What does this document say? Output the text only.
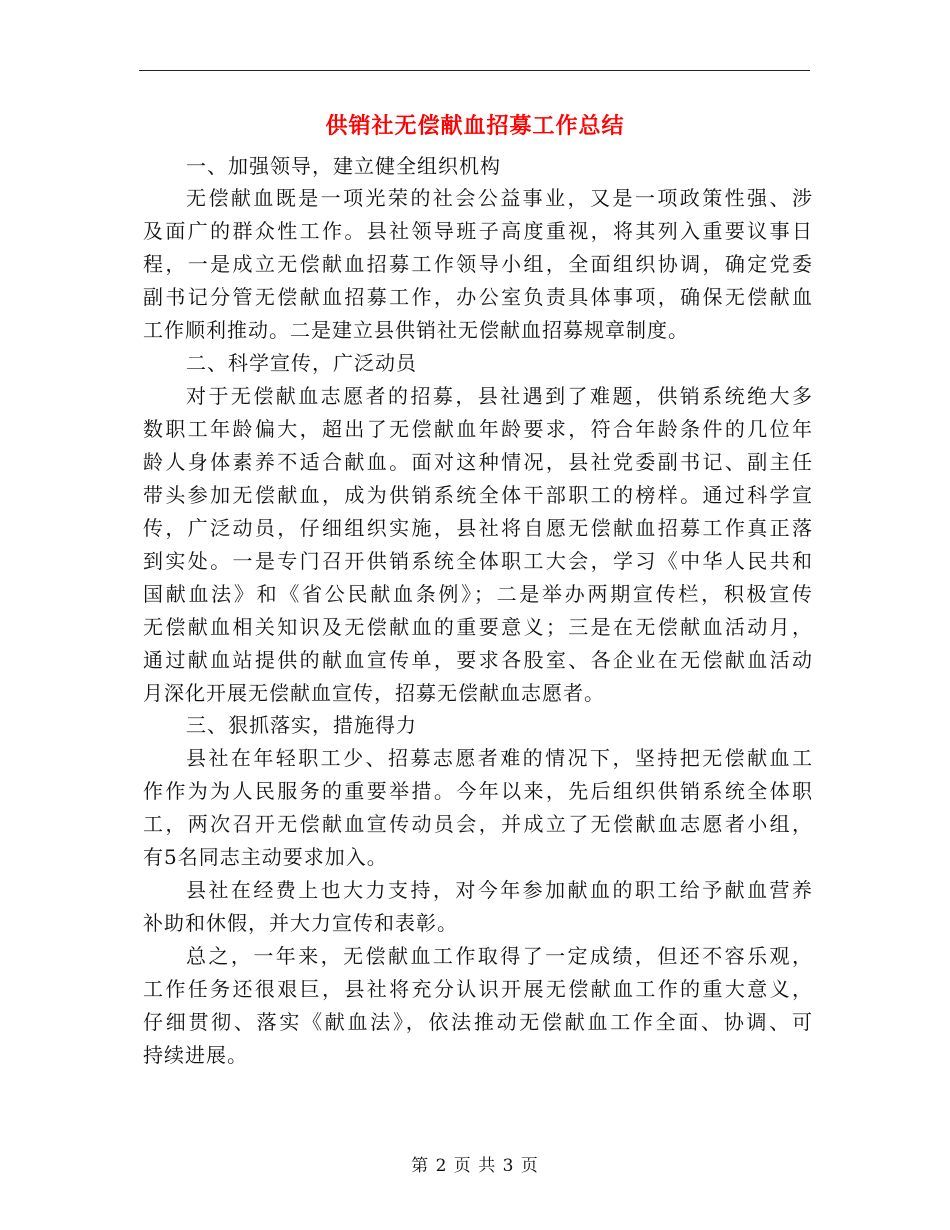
供销社无偿献血招募工作总结

一、加强领导，建立健全组织机构

无偿献血既是一项光荣的社会公益事业，又是一项政策性强、涉

及面广的群众性工作。县社领导班子高度重视，将其列入重要议事日

程，一是成立无偿献血招募工作领导小组，全面组织协调，确定党委

副书记分管无偿献血招募工作，办公室负责具体事项，确保无偿献血

工作顺利推动。二是建立县供销社无偿献血招募规章制度。

二、科学宣传，广泛动员

对于无偿献血志愿者的招募，县社遇到了难题，供销系统绝大多

数职工年龄偏大，超出了无偿献血年龄要求，符合年龄条件的几位年

龄人身体素养不适合献血。面对这种情况，县社党委副书记、副主任

带头参加无偿献血，成为供销系统全体干部职工的榜样。通过科学宣

传，广泛动员，仔细组织实施，县社将自愿无偿献血招募工作真正落

到实处。一是专门召开供销系统全体职工大会，学习《中华人民共和

国献血法》和《省公民献血条例》；二是举办两期宣传栏，积极宣传

无偿献血相关知识及无偿献血的重要意义；三是在无偿献血活动月，

通过献血站提供的献血宣传单，要求各股室、各企业在无偿献血活动

月深化开展无偿献血宣传，招募无偿献血志愿者。

三、狠抓落实，措施得力

县社在年轻职工少、招募志愿者难的情况下，坚持把无偿献血工

作作为为人民服务的重要举措。今年以来，先后组织供销系统全体职

工，两次召开无偿献血宣传动员会，并成立了无偿献血志愿者小组，

有5名同志主动要求加入。

县社在经费上也大力支持，对今年参加献血的职工给予献血营养

补助和休假，并大力宣传和表彰。

总之，一年来，无偿献血工作取得了一定成绩，但还不容乐观，

工作任务还很艰巨，县社将充分认识开展无偿献血工作的重大意义，

仔细贯彻、落实《献血法》，依法推动无偿献血工作全面、协调、可

持续进展。

第 2 页 共 3 页
